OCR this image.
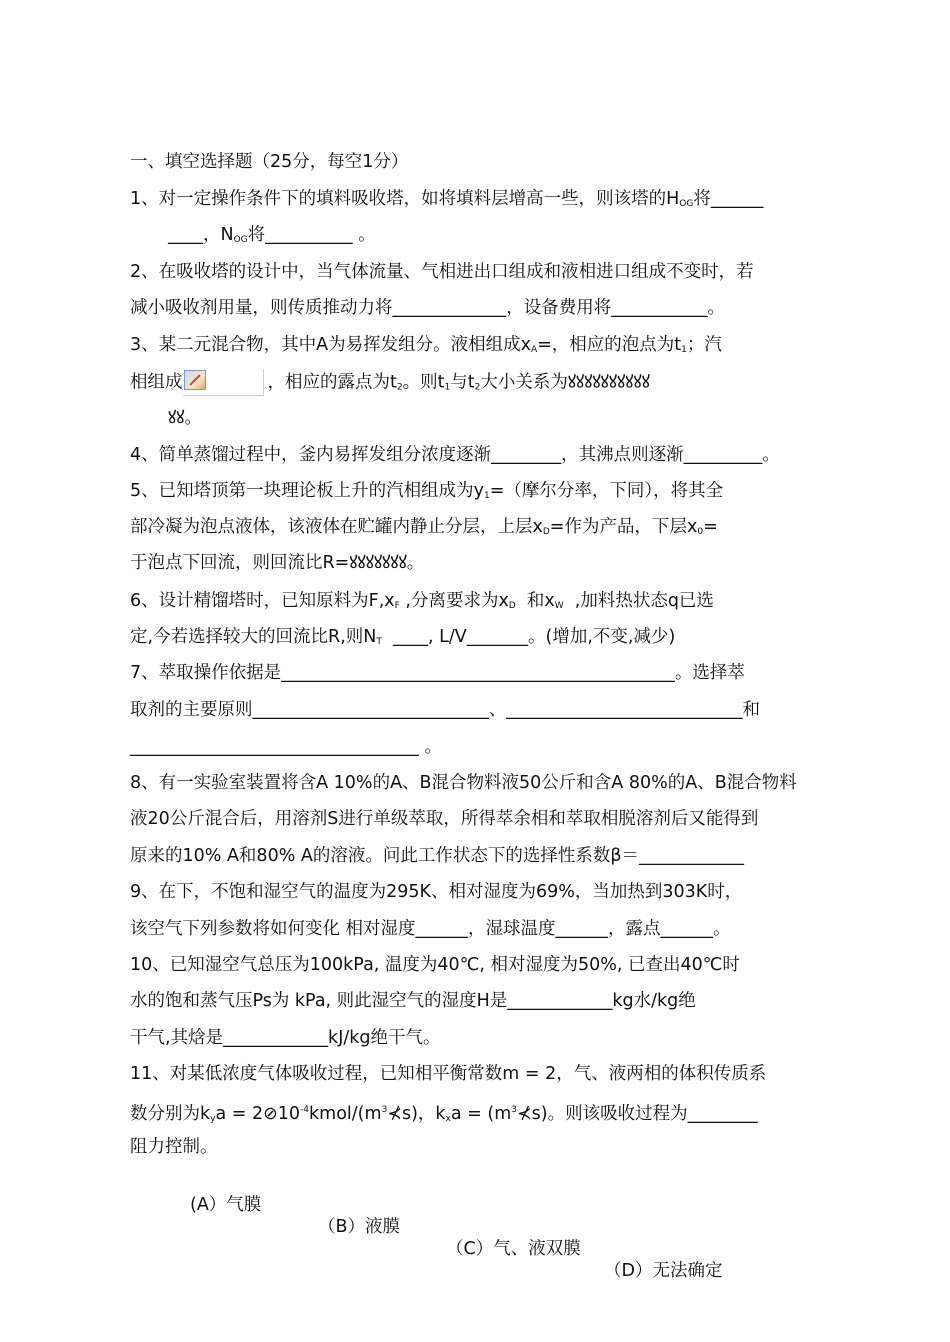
一、填空选择题（25分，每空1分）
1、对一定操作条件下的填料吸收塔，如将填料层增高一些，则该塔的$H_{OG}$将______
____，$N_{OG}$将__________ 。
2、在吸收塔的设计中，当气体流量、气相进出口组成和液相进口组成不变时，若
减小吸收剂用量，则传质推动力将_____________，设备费用将___________。
3、某二元混合物，其中A为易挥发组分。液相组成$x_A=$，相应的泡点为$t_1$；汽
相组成	，相应的露点为$t_2$。则$t_1$与$t_2$大小关系为ꙋꙋꙋꙋꙋꙋꙋꙋꙋꙋ
ꙋꙋ。
4、简单蒸馏过程中，釜内易挥发组分浓度逐渐________，其沸点则逐渐_________。
5、已知塔顶第一块理论板上升的汽相组成为$y_1=$（摩尔分率，下同），将其全
部冷凝为泡点液体，该液体在贮罐内静止分层，上层$x_D=$作为产品，下层$x_0=$
于泡点下回流，则回流比R=ꙋꙋꙋꙋꙋꙋꙋ。
6、设计精馏塔时，已知原料为$F,x_F$ ,分离要求为$x_D$  和$x_W$  ,加料热状态q已选
定,今若选择较大的回流比R,则$N_T$  ____, L/V_______。(增加,不变,减少)
7、萃取操作依据是_____________________________________________。选择萃
取剂的主要原则___________________________、___________________________和
_________________________________ 。
8、有一实验室装置将含A 10%的A、B混合物料液50公斤和含A 80%的A、B混合物料
液20公斤混合后，用溶剂S进行单级萃取，所得萃余相和萃取相脱溶剂后又能得到
原来的10% A和80% A的溶液。问此工作状态下的选择性系数β＝____________
9、在下，不饱和湿空气的温度为295K、相对湿度为69%，当加热到303K时，
该空气下列参数将如何变化 相对湿度______，湿球温度______，露点______。
10、已知湿空气总压为100kPa, 温度为40℃, 相对湿度为50%, 已查出40℃时
水的饱和蒸气压Ps为 kPa, 则此湿空气的湿度H是____________kg水/kg绝
干气,其焓是____________kJ/kg绝干气。
11、对某低浓度气体吸收过程，已知相平衡常数m = 2，气、液两相的体积传质系
数分别为$k_ya$ = $2⊘10^{-4}kmol/(m^3⊀s)$，$k_xa$ = $(m^3⊀s)$。则该吸收过程为________
阻力控制。

(A）气膜

（B）液膜

（C）气、液双膜

（D）无法确定
